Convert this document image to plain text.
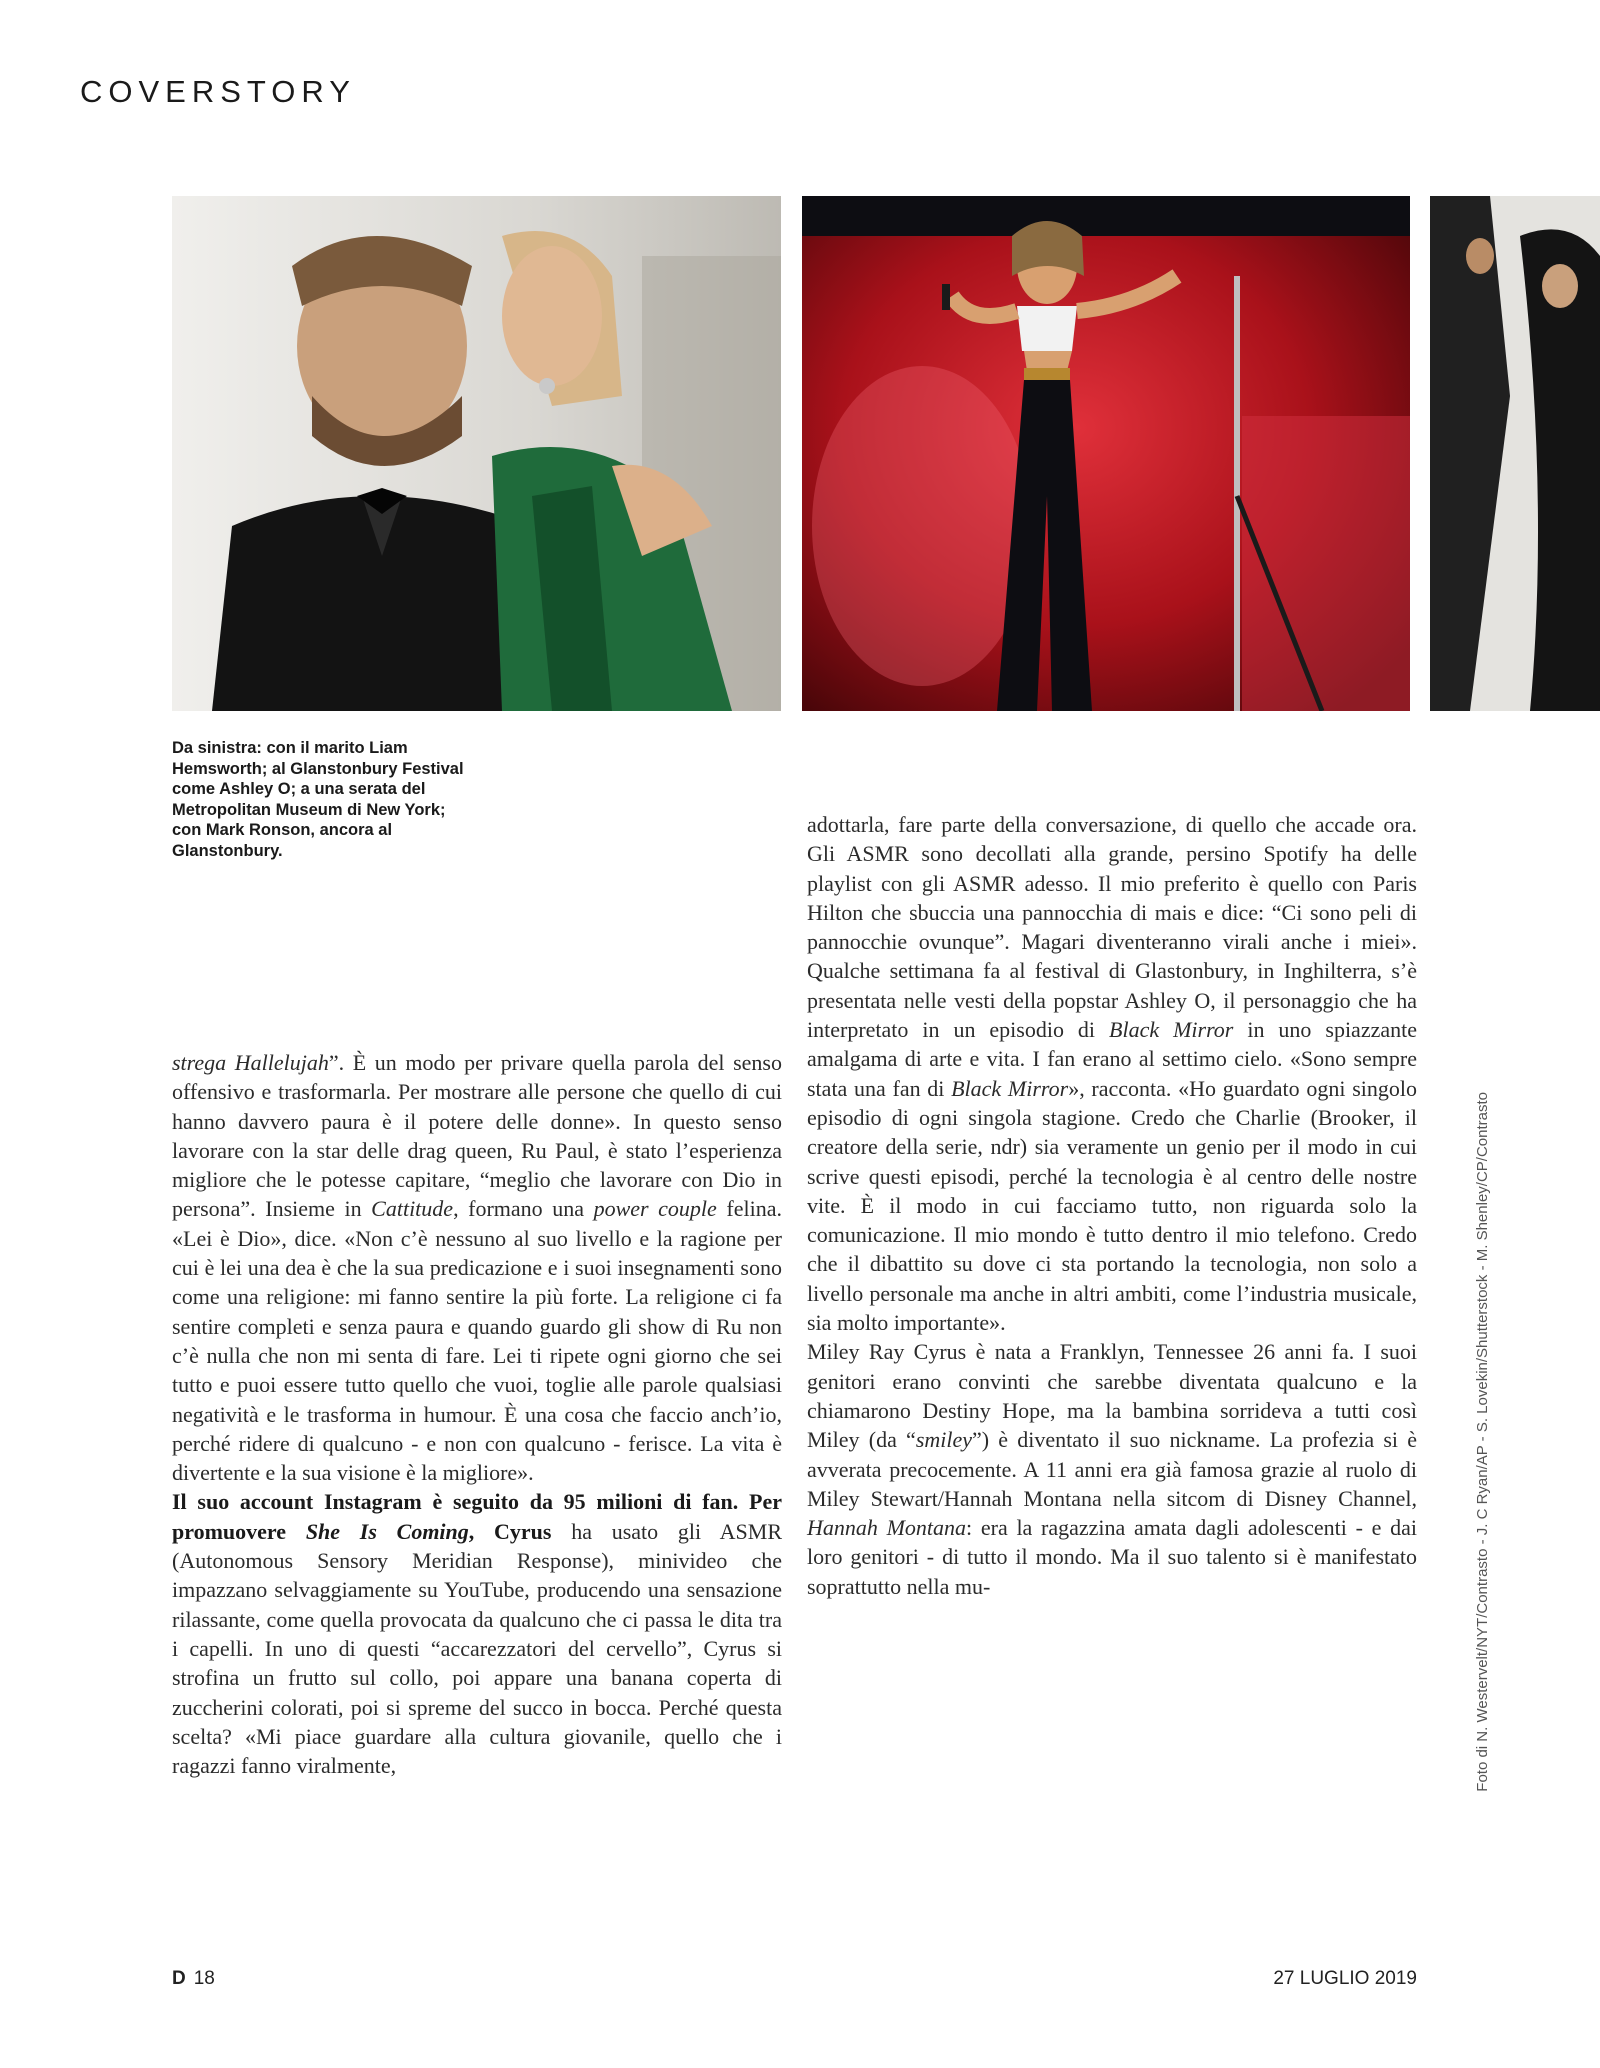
COVERSTORY
Da sinistra: con il marito Liam Hemsworth; al Glanstonbury Festival come Ashley O; a una serata del Metropolitan Museum di New York; con Mark Ronson, ancora al Glanstonbury.

strega Hallelujah”. È un modo per privare quella parola del senso offensivo e trasformarla. Per mostrare alle persone che quello di cui hanno davvero paura è il potere delle donne». In questo senso lavorare con la star delle drag queen, Ru Paul, è stato l’esperienza migliore che le potesse capitare, “meglio che lavorare con Dio in persona”. Insieme in Cattitude, formano una power couple felina. «Lei è Dio», dice. «Non c’è nessuno al suo livello e la ragione per cui è lei una dea è che la sua predicazione e i suoi insegnamenti sono come una religione: mi fanno sentire la più forte. La religione ci fa sentire completi e senza paura e quando guardo gli show di Ru non c’è nulla che non mi senta di fare. Lei ti ripete ogni giorno che sei tutto e puoi essere tutto quello che vuoi, toglie alle parole qualsiasi negatività e le trasforma in humour. È una cosa che faccio anch’io, perché ridere di qualcuno - e non con qualcuno - ferisce. La vita è divertente e la sua visione è la migliore».

Il suo account Instagram è seguito da 95 milioni di fan. Per promuovere She Is Coming, Cyrus ha usato gli ASMR (Autonomous Sensory Meridian Response), minivideo che impazzano selvaggiamente su YouTube, producendo una sensazione rilassante, come quella provocata da qualcuno che ci passa le dita tra i capelli. In uno di questi “accarezzatori del cervello”, Cyrus si strofina un frutto sul collo, poi appare una banana coperta di zuccherini colorati, poi si spreme del succo in bocca. Perché questa scelta? «Mi piace guardare alla cultura giovanile, quello che i ragazzi fanno viralmente,

adottarla, fare parte della conversazione, di quello che accade ora. Gli ASMR sono decollati alla grande, persino Spotify ha delle playlist con gli ASMR adesso. Il mio preferito è quello con Paris Hilton che sbuccia una pannocchia di mais e dice: “Ci sono peli di pannocchie ovunque”. Magari diventeranno virali anche i miei». Qualche settimana fa al festival di Glastonbury, in Inghilterra, s’è presentata nelle vesti della popstar Ashley O, il personaggio che ha interpretato in un episodio di Black Mirror in uno spiazzante amalgama di arte e vita. I fan erano al settimo cielo. «Sono sempre stata una fan di Black Mirror», racconta. «Ho guardato ogni singolo episodio di ogni singola stagione. Credo che Charlie (Brooker, il creatore della serie, ndr) sia veramente un genio per il modo in cui scrive questi episodi, perché la tecnologia è al centro delle nostre vite. È il modo in cui facciamo tutto, non riguarda solo la comunicazione. Il mio mondo è tutto dentro il mio telefono. Credo che il dibattito su dove ci sta portando la tecnologia, non solo a livello personale ma anche in altri ambiti, come l’industria musicale, sia molto importante».

Miley Ray Cyrus è nata a Franklyn, Tennessee 26 anni fa. I suoi genitori erano convinti che sarebbe diventata qualcuno e la chiamarono Destiny Hope, ma la bambina sorrideva a tutti così Miley (da “smiley”) è diventato il suo nickname. La profezia si è avverata precocemente. A 11 anni era già famosa grazie al ruolo di Miley Stewart/Hannah Montana nella sitcom di Disney Channel, Hannah Montana: era la ragazzina amata dagli adolescenti - e dai loro genitori - di tutto il mondo. Ma il suo talento si è manifestato soprattutto nella mu-	Foto di N. Westervelt/NYT/Contrasto - J. C Ryan/AP - S. Lovekin/Shutterstock - M. Shenley/CP/Contrasto
D 18	27 LUGLIO 2019
